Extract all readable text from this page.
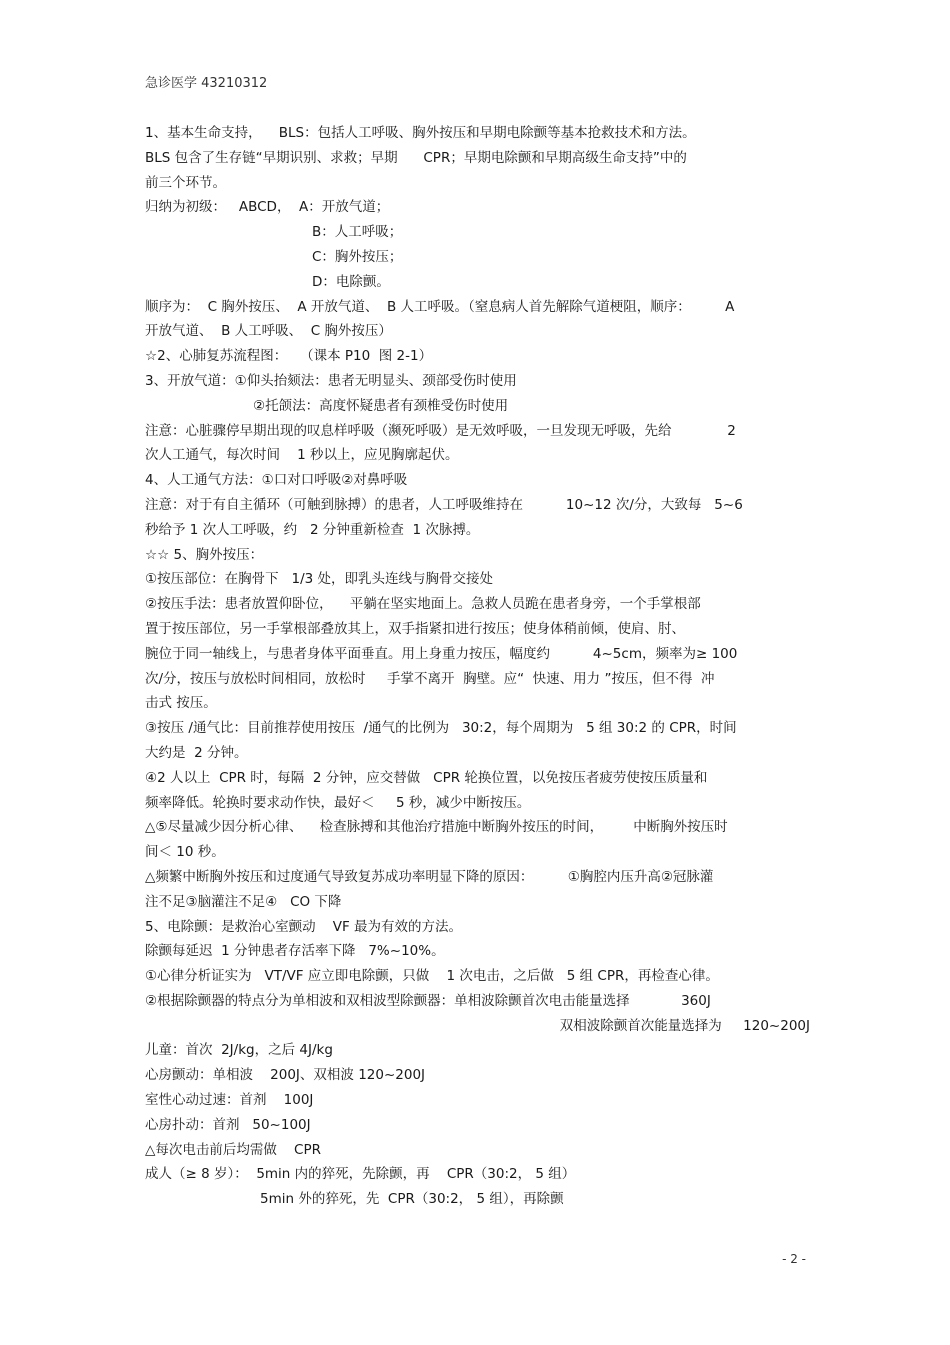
急诊医学 43210312
1、基本生命支持，    BLS：包括人工呼吸、胸外按压和早期电除颤等基本抢救技术和方法。
BLS 包含了生存链“早期识别、求救；早期      CPR；早期电除颤和早期高级生命支持”中的
前三个环节。
归纳为初级：   ABCD，  A：开放气道；
B：人工呼吸；
C：胸外按压；
D：电除颤。
顺序为：  C 胸外按压、  A 开放气道、  B 人工呼吸。（窒息病人首先解除气道梗阻，顺序：        A
开放气道、  B 人工呼吸、  C 胸外按压）
☆2、心肺复苏流程图：   （课本 P10  图 2-1）
3、开放气道：①仰头抬颏法：患者无明显头、颈部受伤时使用
②托颌法：高度怀疑患者有颈椎受伤时使用
注意：心脏骤停早期出现的叹息样呼吸（濒死呼吸）是无效呼吸，一旦发现无呼吸，先给             2
次人工通气，每次时间    1 秒以上，应见胸廓起伏。
4、人工通气方法：①口对口呼吸②对鼻呼吸
注意：对于有自主循环（可触到脉搏）的患者，人工呼吸维持在          10~12 次/分，大致每   5~6
秒给予 1 次人工呼吸，约   2 分钟重新检查  1 次脉搏。
☆☆ 5、胸外按压：
①按压部位：在胸骨下   1/3 处，即乳头连线与胸骨交接处
②按压手法：患者放置仰卧位，    平躺在坚实地面上。急救人员跪在患者身旁，一个手掌根部
置于按压部位，另一手掌根部叠放其上，双手指紧扣进行按压；使身体稍前倾，使肩、肘、
腕位于同一轴线上，与患者身体平面垂直。用上身重力按压，幅度约          4~5cm，频率为≥ 100
次/分，按压与放松时间相同，放松时     手掌不离开  胸壁。应“  快速、用力 ”按压，但不得  冲
击式 按压。
③按压 /通气比：目前推荐使用按压  /通气的比例为   30:2，每个周期为   5 组 30:2 的 CPR，时间
大约是  2 分钟。
④2 人以上  CPR 时，每隔  2 分钟，应交替做   CPR 轮换位置，以免按压者疲劳使按压质量和
频率降低。轮换时要求动作快，最好＜     5 秒，减少中断按压。
△⑤尽量减少因分析心律、    检查脉搏和其他治疗措施中断胸外按压的时间，       中断胸外按压时
间＜ 10 秒。
△频繁中断胸外按压和过度通气导致复苏成功率明显下降的原因：        ①胸腔内压升高②冠脉灌
注不足③脑灌注不足④   CO 下降
5、电除颤：是救治心室颤动    VF 最为有效的方法。
除颤每延迟  1 分钟患者存活率下降   7%~10%。
①心律分析证实为   VT/VF 应立即电除颤，只做    1 次电击，之后做   5 组 CPR，再检查心律。
②根据除颤器的特点分为单相波和双相波型除颤器：单相波除颤首次电击能量选择            360J
双相波除颤首次能量选择为     120~200J
儿童：首次  2J/kg，之后 4J/kg
心房颤动：单相波    200J、双相波 120~200J
室性心动过速：首剂    100J
心房扑动：首剂   50~100J
△每次电击前后均需做    CPR
成人（≥ 8 岁）：  5min 内的猝死，先除颤，再    CPR（30:2， 5 组）
5min 外的猝死，先  CPR（30:2， 5 组），再除颤
- 2 -
